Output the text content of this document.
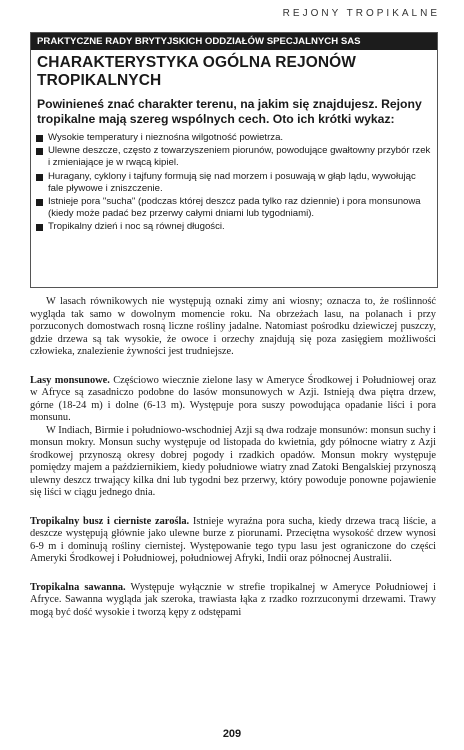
REJONY TROPIKALNE
PRAKTYCZNE RADY BRYTYJSKICH ODDZIAŁÓW SPECJALNYCH SAS
CHARAKTERYSTYKA OGÓLNA REJONÓW TROPIKALNYCH
Powinieneś znać charakter terenu, na jakim się znajdujesz. Rejony tropikalne mają szereg wspólnych cech. Oto ich krótki wykaz:
Wysokie temperatury i nieznośna wilgotność powietrza.
Ulewne deszcze, często z towarzyszeniem piorunów, powodujące gwałtowny przybór rzek i zmieniające je w rwącą kipiel.
Huragany, cyklony i tajfuny formują się nad morzem i posuwają w głąb lądu, wywołując fale pływowe i zniszczenie.
Istnieje pora "sucha" (podczas której deszcz pada tylko raz dziennie) i pora monsunowa (kiedy może padać bez przerwy całymi dniami lub tygodniami).
Tropikalny dzień i noc są równej długości.

W lasach równikowych nie występują oznaki zimy ani wiosny; oznacza to, że roślinność wygląda tak samo w dowolnym momencie roku. Na obrzeżach lasu, na polanach i przy porzuconych domostwach rosną liczne rośliny jadalne. Natomiast pośrodku dziewiczej puszczy, gdzie drzewa są tak wysokie, że owoce i orzechy znajdują się poza zasięgiem możliwości człowieka, znalezienie żywności jest trudniejsze.

Lasy monsunowe. Częściowo wiecznie zielone lasy w Ameryce Środkowej i Południowej oraz w Afryce są zasadniczo podobne do lasów monsunowych w Azji. Istnieją dwa piętra drzew, górne (18-24 m) i dolne (6-13 m). Występuje pora suszy powodująca opadanie liści i pora monsunu.

W Indiach, Birmie i południowo-wschodniej Azji są dwa rodzaje monsunów: monsun suchy i monsun mokry. Monsun suchy występuje od listopada do kwietnia, gdy północne wiatry z Azji środkowej przynoszą okresy dobrej pogody i rzadkich opadów. Monsun mokry występuje pomiędzy majem a październikiem, kiedy południowe wiatry znad Zatoki Bengalskiej przynoszą ulewny deszcz trwający kilka dni lub tygodni bez przerwy, który powoduje ponowne pojawienie się liści w ciągu jednego dnia.

Tropikalny busz i cierniste zarośla. Istnieje wyraźna pora sucha, kiedy drzewa tracą liście, a deszcze występują głównie jako ulewne burze z piorunami. Przeciętna wysokość drzew wynosi 6-9 m i dominują rośliny ciernistej. Występowanie tego typu lasu jest ograniczone do części Ameryki Środkowej i Południowej, południowej Afryki, Indii oraz północnej Australii.

Tropikalna sawanna. Występuje wyłącznie w strefie tropikalnej w Ameryce Południowej i Afryce. Sawanna wygląda jak szeroka, trawiasta łąka z rzadko rozrzuconymi drzewami. Trawy mogą być dość wysokie i tworzą kępy z odstępami

209
